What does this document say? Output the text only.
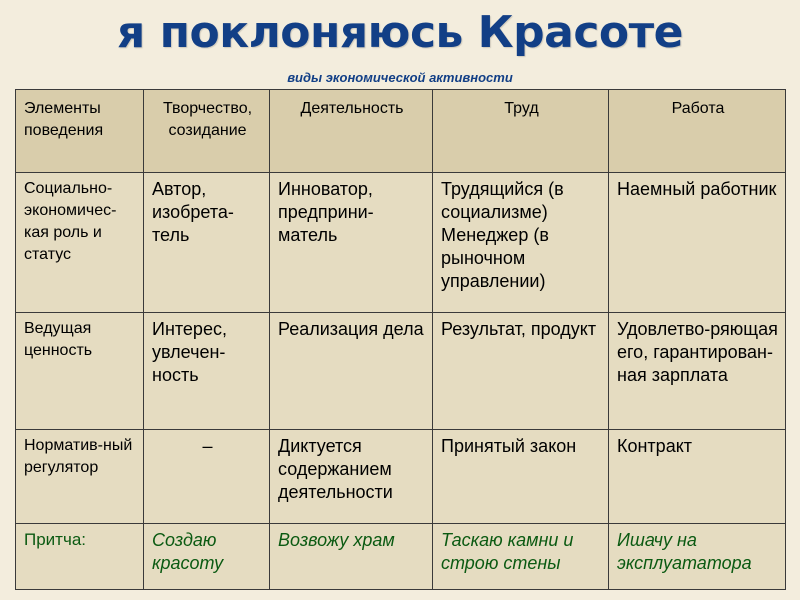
я поклоняюсь Красоте
виды экономической активности
Элементы поведения	Творчество, созидание	Деятельность	Труд	Работа
Социально-экономичес-кая роль и статус	Автор, изобрета-тель	Инноватор, предприни-матель	Трудящийся (в социализме) Менеджер (в рыночном управлении)	Наемный работник
Ведущая ценность	Интерес, увлечен-ность	Реализация дела	Результат, продукт	Удовлетво-ряющая его, гарантирован-ная зарплата
Норматив-ный регулятор	–	Диктуется содержанием деятельности	Принятый закон	Контракт
Притча:	Создаю красоту	Возвожу храм	Таскаю камни и строю стены	Ишачу на эксплуататора
